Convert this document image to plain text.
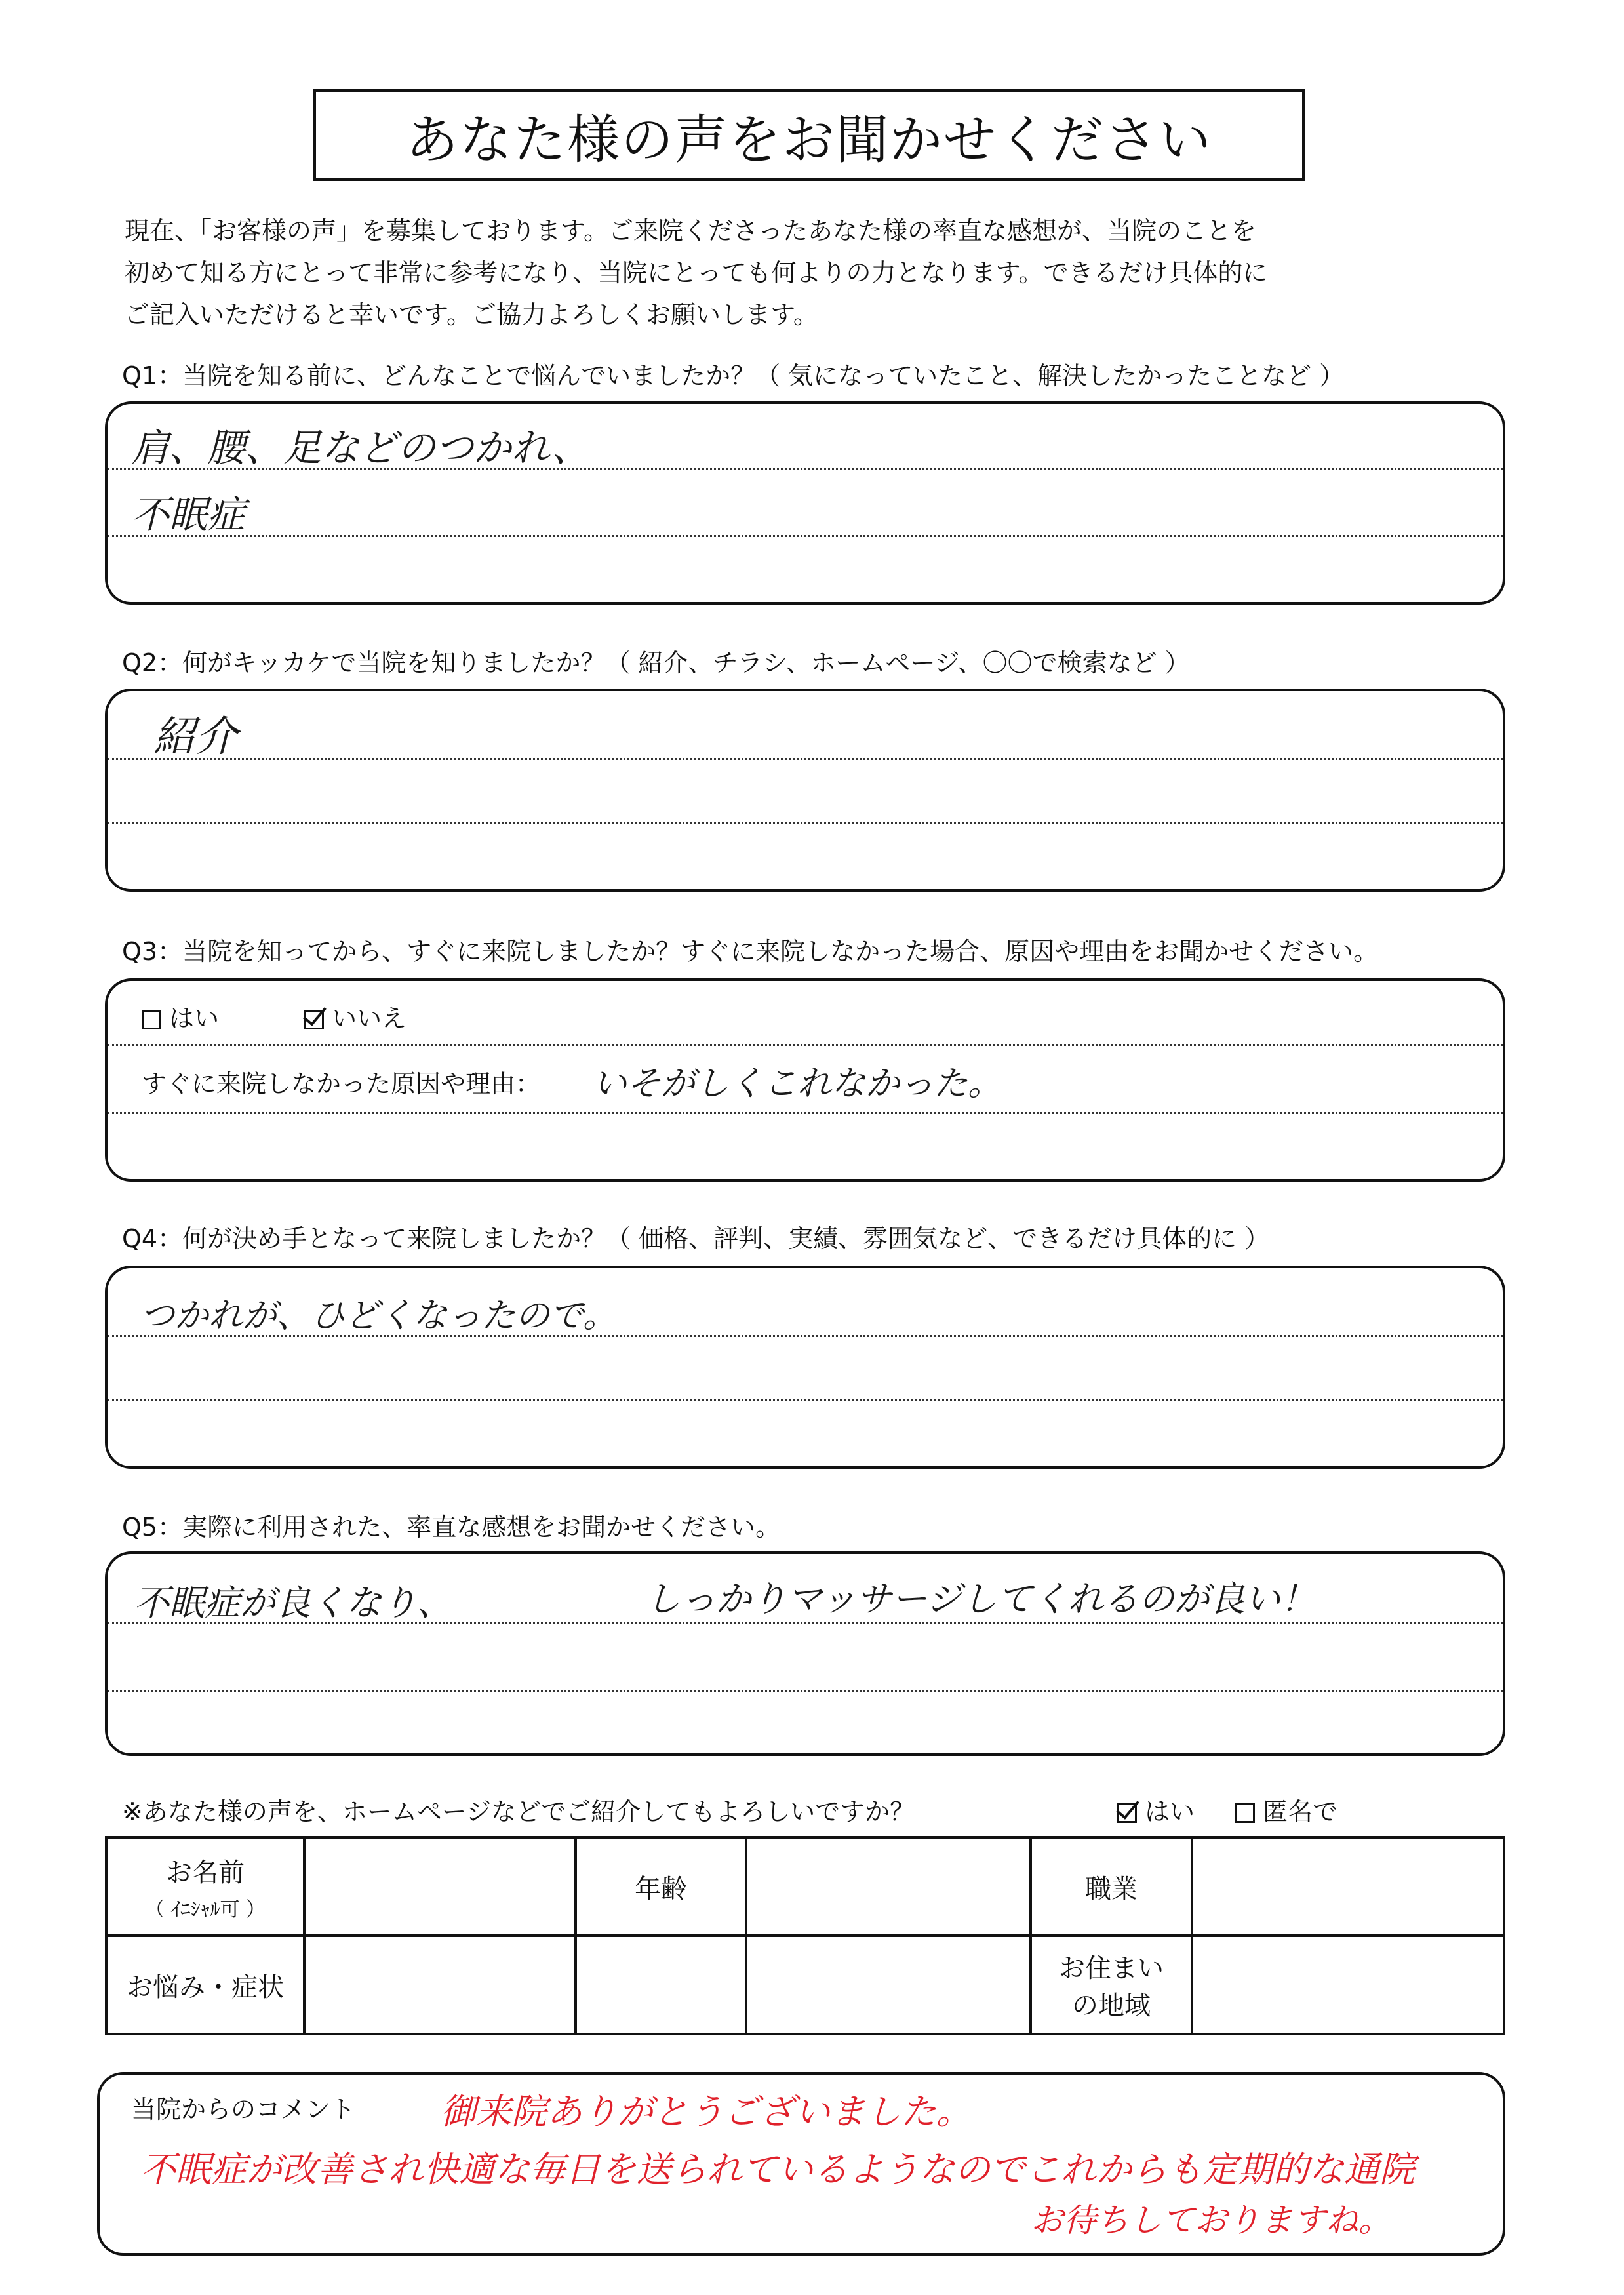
あなた様の声をお聞かせください
現在、「お客様の声」を募集しております。ご来院くださったあなた様の率直な感想が、当院のことを
初めて知る方にとって非常に参考になり、当院にとっても何よりの力となります。できるだけ具体的に
ご記入いただけると幸いです。ご協力よろしくお願いします。
Q1：当院を知る前に、どんなことで悩んでいましたか？（ 気になっていたこと、解決したかったことなど ）
肩、腰、足などのつかれ、
不眠症
Q2：何がキッカケで当院を知りましたか？（ 紹介、チラシ、ホームページ、〇〇で検索など ）
紹介
Q3：当院を知ってから、すぐに来院しましたか？すぐに来院しなかった場合、原因や理由をお聞かせください。
はい	いいえ
すぐに来院しなかった原因や理由： いそがしくこれなかった。
Q4：何が決め手となって来院しましたか？（ 価格、評判、実績、雰囲気など、できるだけ具体的に ）
つかれが、ひどくなったので。
Q5：実際に利用された、率直な感想をお聞かせください。
不眠症が良くなり、	しっかりマッサージしてくれるのが良い！
※あなた様の声を、ホームページなどでご紹介してもよろしいですか？	はい	匿名で
お名前
（ ｲﾆｼｬﾙ可 ）		年齢		職業	
お悩み・症状				お住まい
の地域	
当院からのコメント 御来院ありがとうございました。
不眠症が改善され快適な毎日を送られているようなのでこれからも定期的な通院
お待ちしておりますね。
